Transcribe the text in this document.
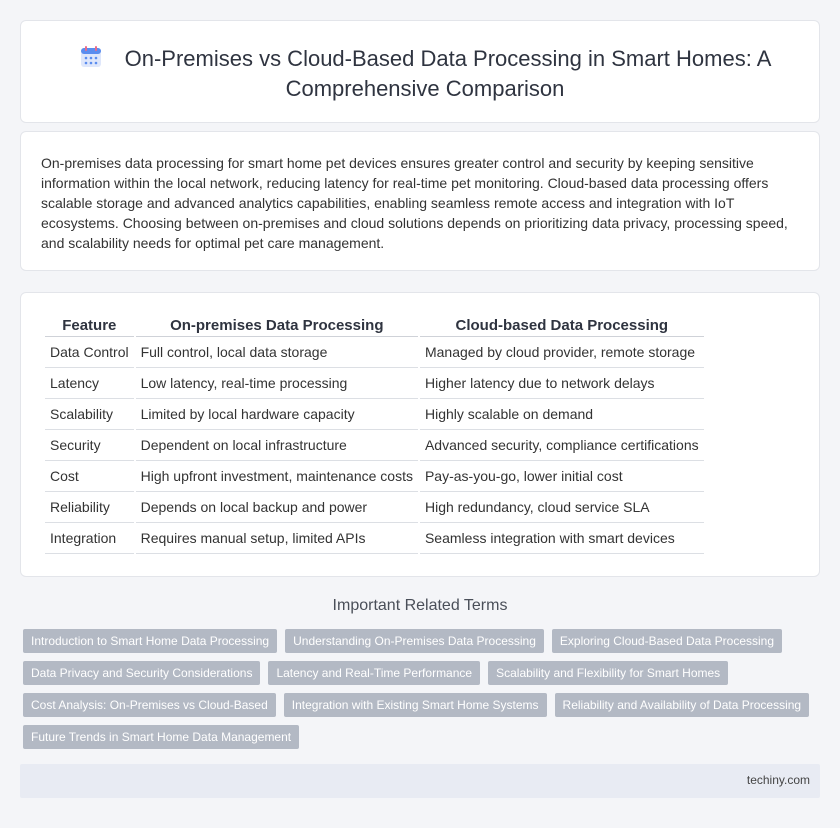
On-Premises vs Cloud-Based Data Processing in Smart Homes: A Comprehensive Comparison

On-premises data processing for smart home pet devices ensures greater control and security by keeping sensitive information within the local network, reducing latency for real-time pet monitoring. Cloud-based data processing offers scalable storage and advanced analytics capabilities, enabling seamless remote access and integration with IoT ecosystems. Choosing between on-premises and cloud solutions depends on prioritizing data privacy, processing speed, and scalability needs for optimal pet care management.

Feature	On-premises Data Processing	Cloud-based Data Processing
Data Control	Full control, local data storage	Managed by cloud provider, remote storage
Latency	Low latency, real-time processing	Higher latency due to network delays
Scalability	Limited by local hardware capacity	Highly scalable on demand
Security	Dependent on local infrastructure	Advanced security, compliance certifications
Cost	High upfront investment, maintenance costs	Pay-as-you-go, lower initial cost
Reliability	Depends on local backup and power	High redundancy, cloud service SLA
Integration	Requires manual setup, limited APIs	Seamless integration with smart devices
Important Related Terms
Introduction to Smart Home Data Processing	Understanding On-Premises Data Processing	Exploring Cloud-Based Data Processing
Data Privacy and Security Considerations	Latency and Real-Time Performance	Scalability and Flexibility for Smart Homes
Cost Analysis: On-Premises vs Cloud-Based	Integration with Existing Smart Home Systems	Reliability and Availability of Data Processing
Future Trends in Smart Home Data Management
techiny.com
